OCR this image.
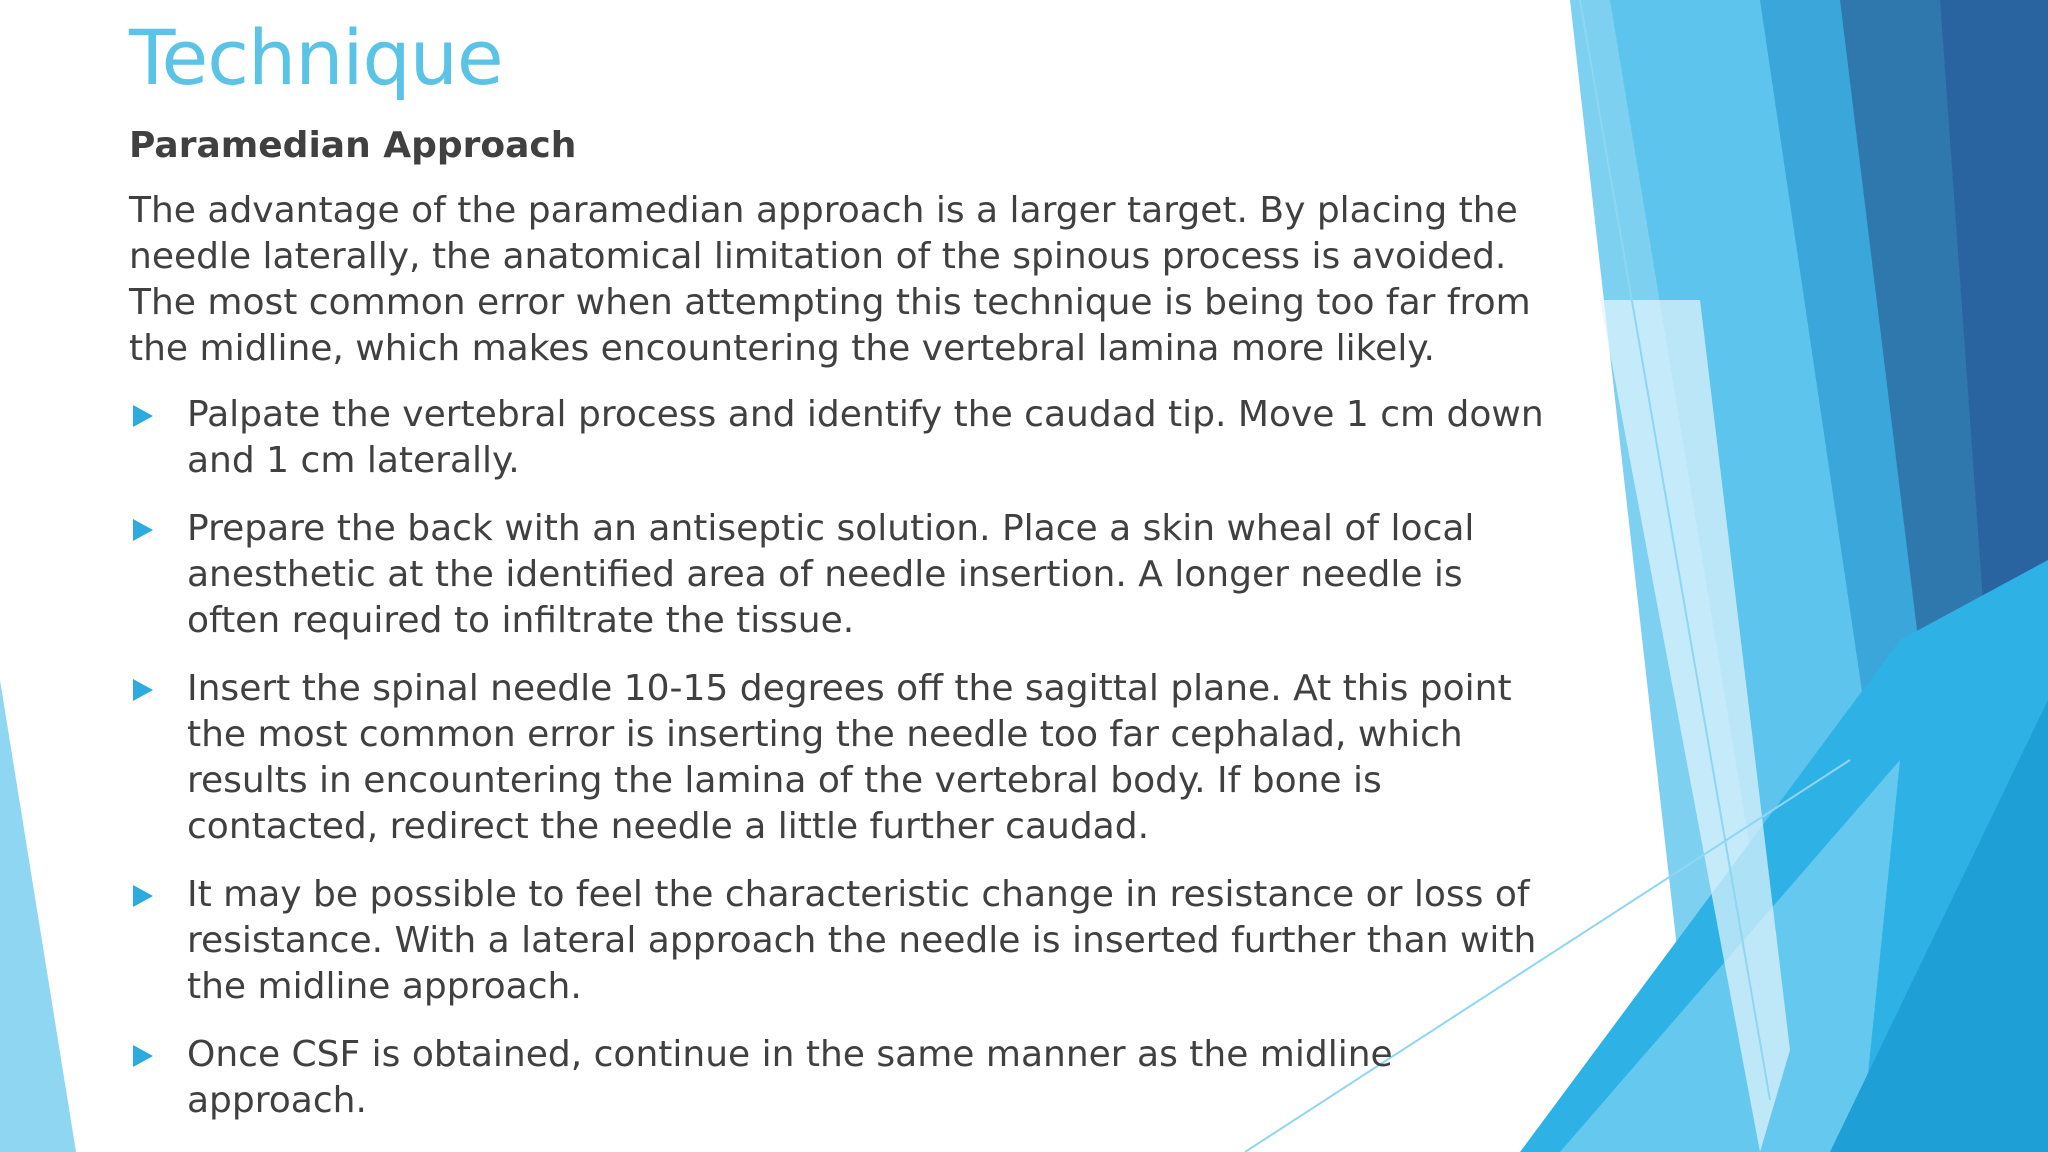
Technique
Paramedian Approach

The advantage of the paramedian approach is a larger target. By placing the needle laterally, the anatomical limitation of the spinous process is avoided. The most common error when attempting this technique is being too far from the midline, which makes encountering the vertebral lamina more likely.

Palpate the vertebral process and identify the caudad tip. Move 1 cm down and 1 cm laterally.
Prepare the back with an antiseptic solution. Place a skin wheal of local anesthetic at the identified area of needle insertion. A longer needle is often required to infiltrate the tissue.
Insert the spinal needle 10-15 degrees off the sagittal plane. At this point the most common error is inserting the needle too far cephalad, which results in encountering the lamina of the vertebral body. If bone is contacted, redirect the needle a little further caudad.
It may be possible to feel the characteristic change in resistance or loss of resistance. With a lateral approach the needle is inserted further than with the midline approach.
Once CSF is obtained, continue in the same manner as the midline approach.
